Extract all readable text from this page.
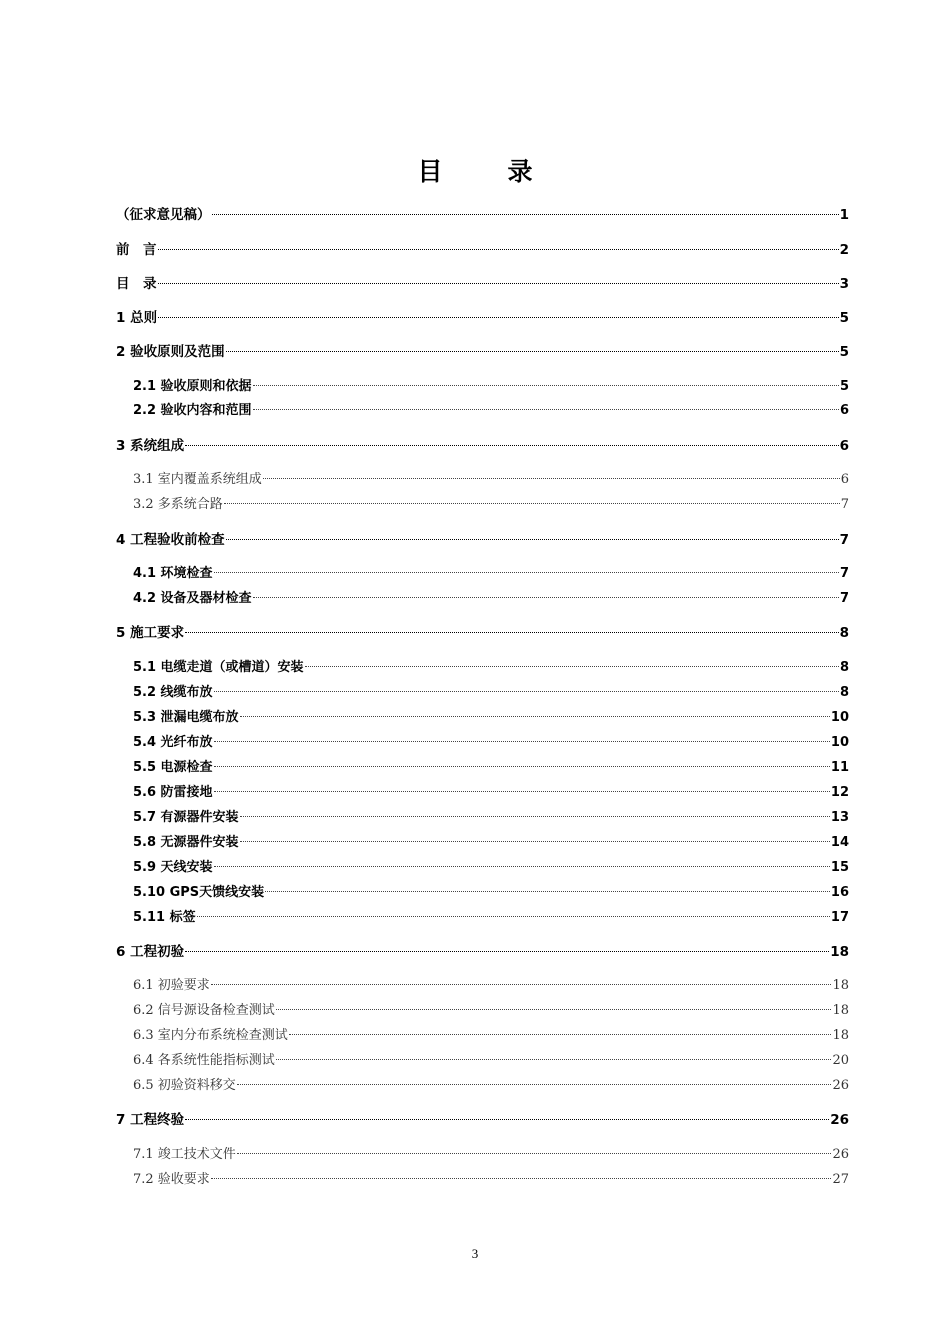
目　录
（征求意见稿）	1
前　言	2
目　录	3
1 总则	5
2 验收原则及范围	5
2.1 验收原则和依据	5
2.2 验收内容和范围	6
3 系统组成	6
3.1 室内覆盖系统组成	6
3.2 多系统合路	7
4 工程验收前检查	7
4.1 环境检查	7
4.2 设备及器材检查	7
5 施工要求	8
5.1 电缆走道（或槽道）安装	8
5.2 线缆布放	8
5.3 泄漏电缆布放	10
5.4 光纤布放	10
5.5 电源检查	11
5.6 防雷接地	12
5.7 有源器件安装	13
5.8 无源器件安装	14
5.9 天线安装	15
5.10 GPS天馈线安装	16
5.11 标签	17
6 工程初验	18
6.1 初验要求	18
6.2 信号源设备检查测试	18
6.3 室内分布系统检查测试	18
6.4 各系统性能指标测试	20
6.5 初验资料移交	26
7 工程终验	26
7.1 竣工技术文件	26
7.2 验收要求	27
3
